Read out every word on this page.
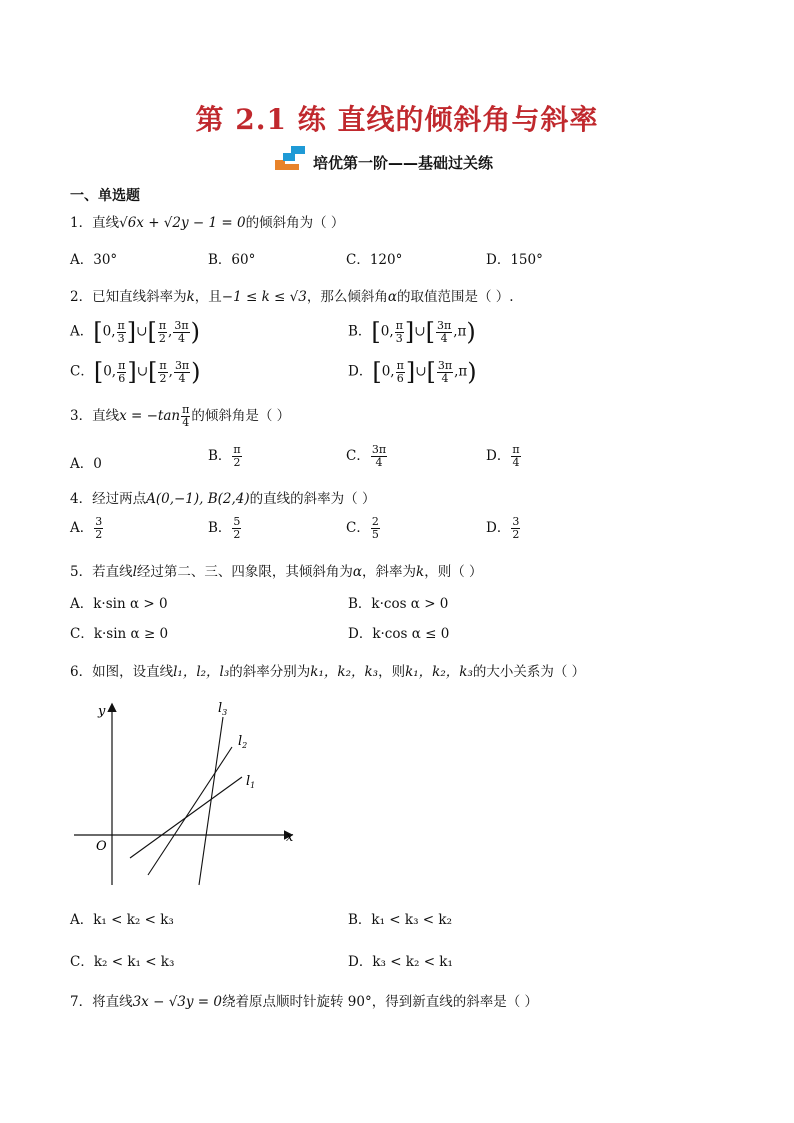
第 2.1 练 直线的倾斜角与斜率
培优第一阶——基础过关练
一、单选题
1．直线√6x + √2y − 1 = 0的倾斜角为（ ）
A．30°	B．60°	C．120°	D．150°
2．已知直线斜率为k，且−1 ≤ k ≤ √3，那么倾斜角α的取值范围是（ ）.
A．[0, $\frac{\pi}{3}$ ]∪[ $\frac{\pi}{2}$ , $\frac{3\pi}{4}$ )	B．[0, $\frac{\pi}{3}$ ]∪[ $\frac{3\pi}{4} ,\pi$)
C．[0, $\frac{\pi}{6}$ ]∪[ $\frac{\pi}{2}$ , $\frac{3\pi}{4}$ )	D．[0, $\frac{\pi}{6}$ ]∪[ $\frac{3\pi}{4} ,\pi$)
3．直线$x = -\tan \frac{\pi}{4}$ 的倾斜角是（ ）
A．0	B． $\frac{\pi}{2}$	C． $\frac{3\pi}{4}$	D． $\frac{\pi}{4}$
4．经过两点A(0,−1), B(2,4)的直线的斜率为（ ）
A． $\frac{3}{2}$	B． $\frac{5}{2}$	C． $\frac{2}{5}$	D． $\frac{3}{2}$
5．若直线l经过第二、三、四象限，其倾斜角为α，斜率为k，则（ ）
A．k·sin α > 0	B．k·cos α > 0
C．k·sin α ≥ 0	D．k·cos α ≤ 0
6．如图，设直线l₁，l₂，l₃的斜率分别为k₁，k₂，k₃，则k₁，k₂，k₃的大小关系为（ ）
y
x
O
$l_1$
$l_2$
$l_3$
A．k₁ < k₂ < k₃	B．k₁ < k₃ < k₂
C．k₂ < k₁ < k₃	D．k₃ < k₂ < k₁
7．将直线3x − √3y = 0绕着原点顺时针旋转 90°，得到新直线的斜率是（ ）
